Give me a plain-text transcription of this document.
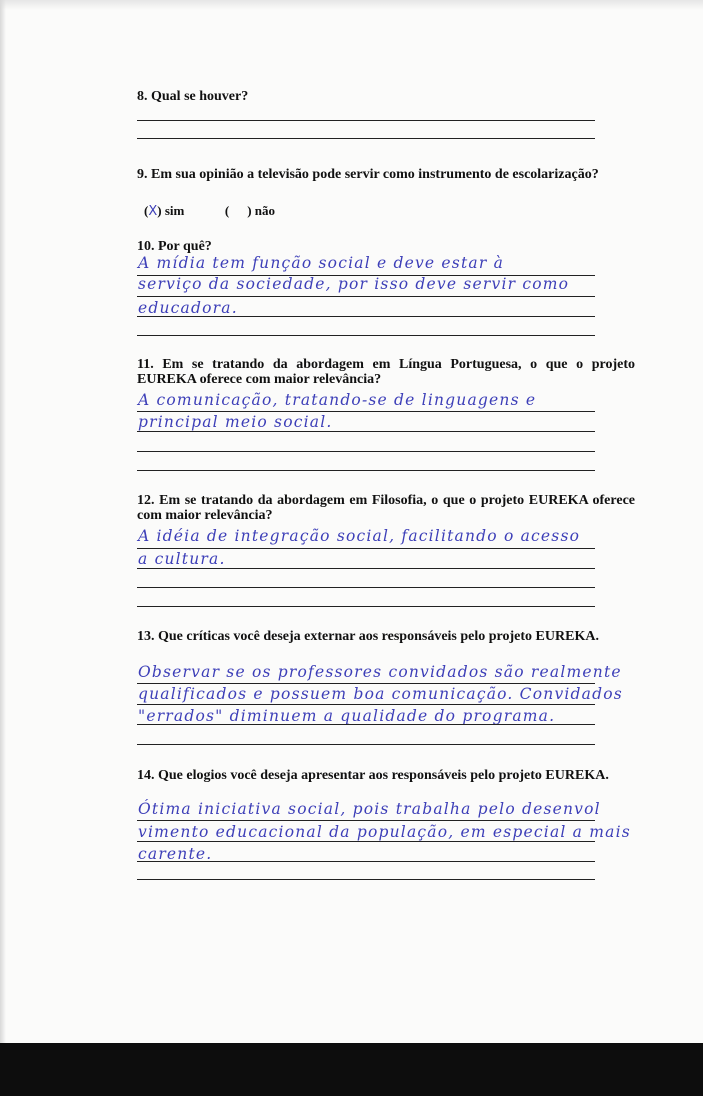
8. Qual se houver?
9. Em sua opinião a televisão pode servir como instrumento de escolarização?
(X) sim	( ) não
10. Por quê?
A mídia tem função social e deve estar à
serviço da sociedade, por isso deve servir como
educadora.
11. Em se tratando da abordagem em Língua Portuguesa, o que o projeto EUREKA oferece com maior relevância?
A comunicação, tratando-se de linguagens e
principal meio social.
12. Em se tratando da abordagem em Filosofia, o que o projeto EUREKA oferece com maior relevância?
A idéia de integração social, facilitando o acesso
a cultura.
13. Que críticas você deseja externar aos responsáveis pelo projeto EUREKA.
Observar se os professores convidados são realmente
qualificados e possuem boa comunicação. Convidados
"errados" diminuem a qualidade do programa.
14. Que elogios você deseja apresentar aos responsáveis pelo projeto EUREKA.
Ótima iniciativa social, pois trabalha pelo desenvol
vimento educacional da população, em especial a mais
carente.
